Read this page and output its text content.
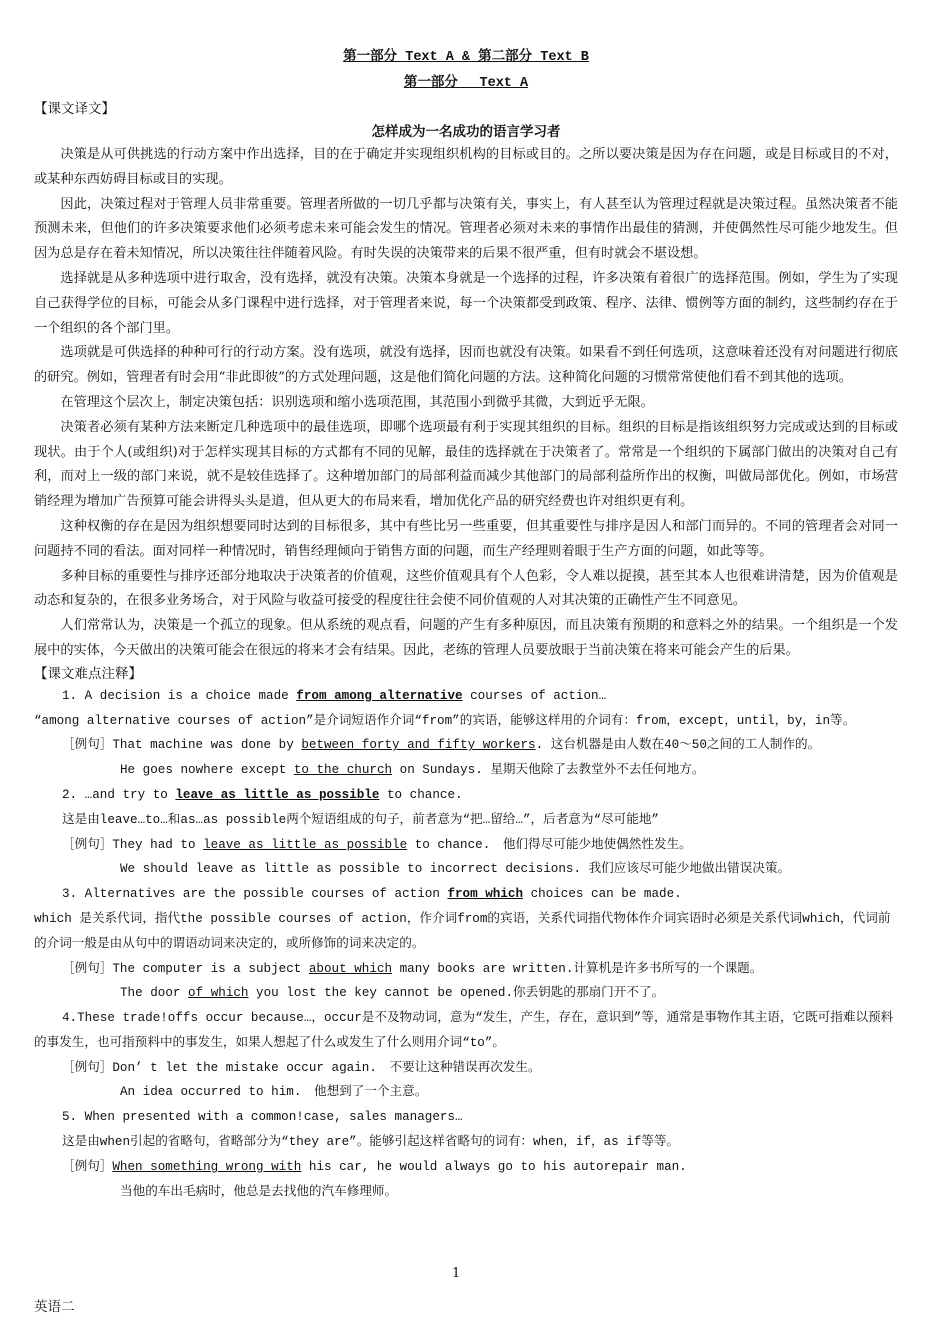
第一部分 Text A & 第二部分 Text B
第一部分　 Text A
【课文译文】
怎样成为一名成功的语言学习者

决策是从可供挑选的行动方案中作出选择，目的在于确定并实现组织机构的目标或目的。之所以要决策是因为存在问题，或是目标或目的不对，或某种东西妨碍目标或目的实现。

因此，决策过程对于管理人员非常重要。管理者所做的一切几乎都与决策有关，事实上，有人甚至认为管理过程就是决策过程。虽然决策者不能预测未来，但他们的许多决策要求他们必须考虑未来可能会发生的情况。管理者必须对未来的事情作出最佳的猜测，并使偶然性尽可能少地发生。但因为总是存在着未知情况，所以决策往往伴随着风险。有时失误的决策带来的后果不很严重，但有时就会不堪设想。

选择就是从多种选项中进行取舍，没有选择，就没有决策。决策本身就是一个选择的过程，许多决策有着很广的选择范围。例如，学生为了实现自己获得学位的目标，可能会从多门课程中进行选择，对于管理者来说，每一个决策都受到政策、程序、法律、惯例等方面的制约，这些制约存在于一个组织的各个部门里。

选项就是可供选择的种种可行的行动方案。没有选项，就没有选择，因而也就没有决策。如果看不到任何选项，这意味着还没有对问题进行彻底的研究。例如，管理者有时会用“非此即彼”的方式处理问题，这是他们简化问题的方法。这种简化问题的习惯常常使他们看不到其他的选项。

在管理这个层次上，制定决策包括：识别选项和缩小选项范围，其范围小到微乎其微，大到近乎无限。

决策者必须有某种方法来断定几种选项中的最佳选项，即哪个选项最有利于实现其组织的目标。组织的目标是指该组织努力完成或达到的目标或现状。由于个人(或组织)对于怎样实现其目标的方式都有不同的见解，最佳的选择就在于决策者了。常常是一个组织的下属部门做出的决策对自己有利，而对上一级的部门来说，就不是较佳选择了。这种增加部门的局部利益而减少其他部门的局部利益所作出的权衡，叫做局部优化。例如，市场营销经理为增加广告预算可能会讲得头头是道，但从更大的布局来看，增加优化产品的研究经费也许对组织更有利。

这种权衡的存在是因为组织想要同时达到的目标很多，其中有些比另一些重要，但其重要性与排序是因人和部门而异的。不同的管理者会对同一问题持不同的看法。面对同样一种情况时，销售经理倾向于销售方面的问题，而生产经理则着眼于生产方面的问题，如此等等。

多种目标的重要性与排序还部分地取决于决策者的价值观，这些价值观具有个人色彩，令人难以捉摸，甚至其本人也很难讲清楚，因为价值观是动态和复杂的，在很多业务场合，对于风险与收益可接受的程度往往会使不同价值观的人对其决策的正确性产生不同意见。

人们常常认为，决策是一个孤立的现象。但从系统的观点看，问题的产生有多种原因，而且决策有预期的和意料之外的结果。一个组织是一个发展中的实体，今天做出的决策可能会在很远的将来才会有结果。因此，老练的管理人员要放眼于当前决策在将来可能会产生的后果。

【课文难点注释】

1. A decision is a choice made from among alternative courses of action…

“among alternative courses of action”是介词短语作介词“from”的宾语，能够这样用的介词有：from，except，until，by，in等。

［例句］That machine was done by between forty and fifty workers. 这台机器是由人数在40～50之间的工人制作的。

He goes nowhere except to the church on Sundays. 星期天他除了去教堂外不去任何地方。

2. …and try to leave as little as possible to chance.

这是由leave…to…和as…as possible两个短语组成的句子，前者意为“把…留给…”，后者意为“尽可能地”

［例句］They had to leave as little as possible to chance.　他们得尽可能少地使偶然性发生。

We should leave as little as possible to incorrect decisions. 我们应该尽可能少地做出错误决策。

3. Alternatives are the possible courses of action from which choices can be made.

which 是关系代词，指代the possible courses of action，作介词from的宾语，关系代词指代物体作介词宾语时必须是关系代词which，代词前的介词一般是由从句中的谓语动词来决定的，或所修饰的词来决定的。

［例句］The computer is a subject about which many books are written.计算机是许多书所写的一个课题。

The door of which you lost the key cannot be opened.你丢钥匙的那扇门开不了。

4.These trade!offs occur because…，occur是不及物动词，意为“发生，产生，存在，意识到”等，通常是事物作其主语，它既可指难以预料的事发生，也可指预料中的事发生，如果人想起了什么或发生了什么则用介词“to”。

［例句］Don’ t let the mistake occur again.　不要让这种错误再次发生。

An idea occurred to him.　他想到了一个主意。

5. When presented with a common!case, sales managers…

这是由when引起的省略句，省略部分为“they are”。能够引起这样省略句的词有：when，if，as if等等。

［例句］When something wrong with his car, he would always go to his autorepair man.

当他的车出毛病时，他总是去找他的汽车修理师。

1
英语二
